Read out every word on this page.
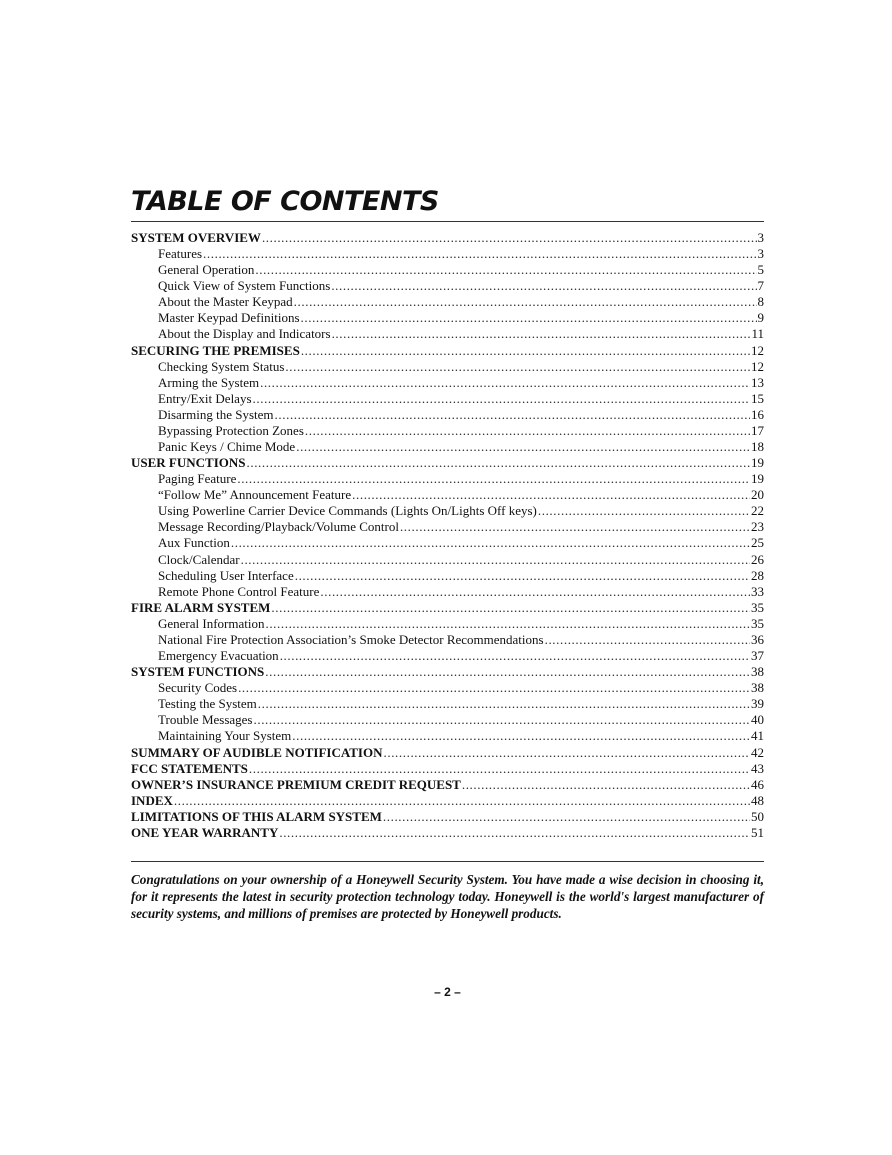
TABLE OF CONTENTS
SYSTEM OVERVIEW .....	3
Features .....	3
General Operation .....	5
Quick View of System Functions .....	7
About the Master Keypad .....	8
Master Keypad Definitions .....	9
About the Display and Indicators .....	11
SECURING THE PREMISES .....	12
Checking System Status .....	12
Arming the System .....	13
Entry/Exit Delays .....	15
Disarming the System .....	16
Bypassing Protection Zones .....	17
Panic Keys / Chime Mode .....	18
USER FUNCTIONS .....	19
Paging Feature .....	19
“Follow Me” Announcement Feature .....	20
Using Powerline Carrier Device Commands (Lights On/Lights Off keys) .....	22
Message Recording/Playback/Volume Control .....	23
Aux Function .....	25
Clock/Calendar .....	26
Scheduling User Interface .....	28
Remote Phone Control Feature .....	33
FIRE ALARM SYSTEM .....	35
General Information .....	35
National Fire Protection Association’s Smoke Detector Recommendations .....	36
Emergency Evacuation .....	37
SYSTEM FUNCTIONS .....	38
Security Codes .....	38
Testing the System .....	39
Trouble Messages .....	40
Maintaining Your System .....	41
SUMMARY OF AUDIBLE NOTIFICATION .....	42
FCC STATEMENTS .....	43
OWNER’S INSURANCE PREMIUM CREDIT REQUEST .....	46
INDEX .....	48
LIMITATIONS OF THIS ALARM SYSTEM .....	50
ONE YEAR WARRANTY .....	51

Congratulations on your ownership of a Honeywell Security System. You have made a wise decision in choosing it, for it represents the latest in security protection technology today. Honeywell is the world's largest manufacturer of security systems, and millions of premises are protected by Honeywell products.

– 2 –
